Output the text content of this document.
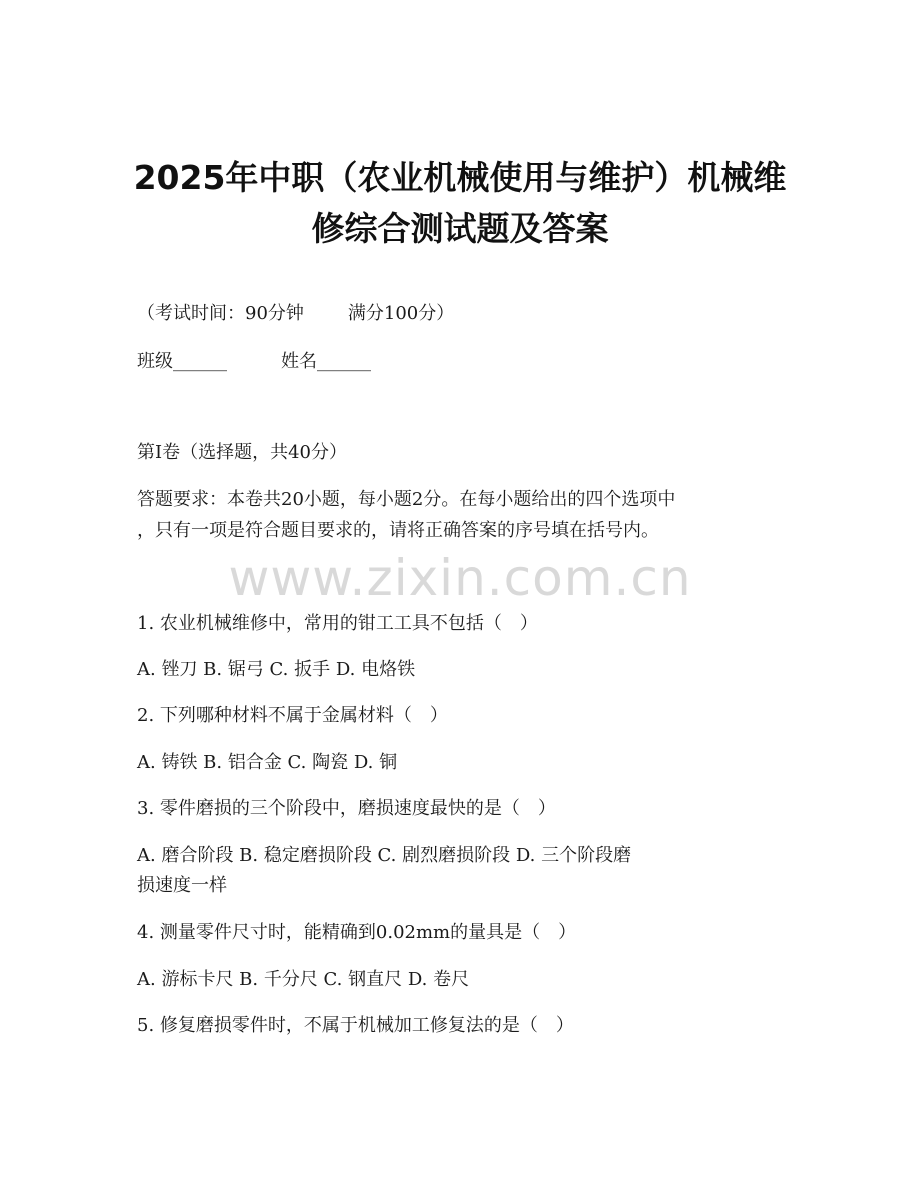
2025年中职（农业机械使用与维护）机械维
修综合测试题及答案
（考试时间：90分钟 满分100分）
班级______	姓名______
第Ⅰ卷（选择题，共40分）
答题要求：本卷共20小题，每小题2分。在每小题给出的四个选项中
，只有一项是符合题目要求的，请将正确答案的序号填在括号内。
www.zixin.com.cn
1. 农业机械维修中，常用的钳工工具不包括（　）
A. 锉刀 B. 锯弓 C. 扳手 D. 电烙铁
2. 下列哪种材料不属于金属材料（　）
A. 铸铁 B. 铝合金 C. 陶瓷 D. 铜
3. 零件磨损的三个阶段中，磨损速度最快的是（　）
A. 磨合阶段 B. 稳定磨损阶段 C. 剧烈磨损阶段 D. 三个阶段磨
损速度一样
4. 测量零件尺寸时，能精确到0.02mm的量具是（　）
A. 游标卡尺 B. 千分尺 C. 钢直尺 D. 卷尺
5. 修复磨损零件时，不属于机械加工修复法的是（　）
